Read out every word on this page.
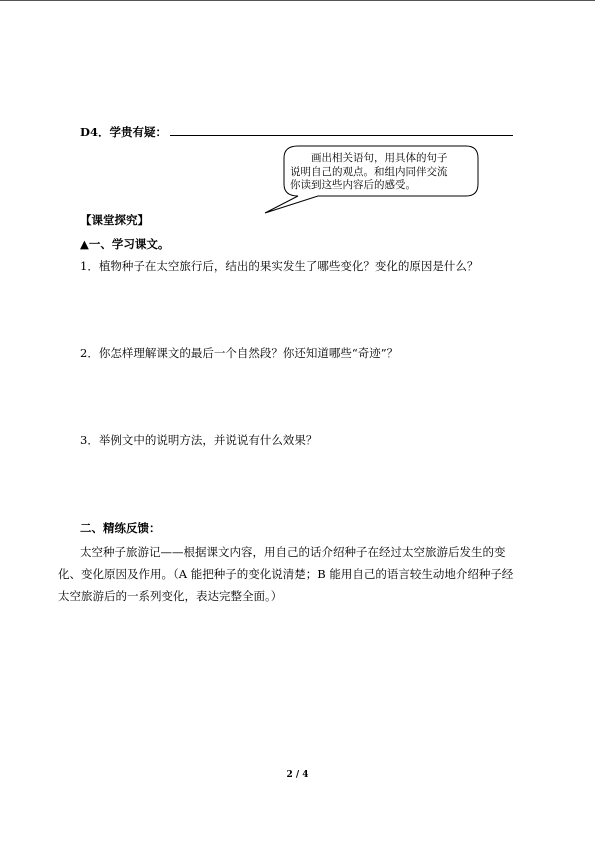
D4．学贵有疑：
画出相关语句，用具体的句子
说明自己的观点。和组内同伴交流
你读到这些内容后的感受。
【课堂探究】
▲一、学习课文。
1．植物种子在太空旅行后，结出的果实发生了哪些变化？变化的原因是什么？
2．你怎样理解课文的最后一个自然段？你还知道哪些“奇迹”？
3．举例文中的说明方法，并说说有什么效果？
二、精练反馈：
太空种子旅游记——根据课文内容，用自己的话介绍种子在经过太空旅游后发生的变
化、变化原因及作用。（A 能把种子的变化说清楚；B 能用自己的语言较生动地介绍种子经
太空旅游后的一系列变化，表达完整全面。）
2 / 4
